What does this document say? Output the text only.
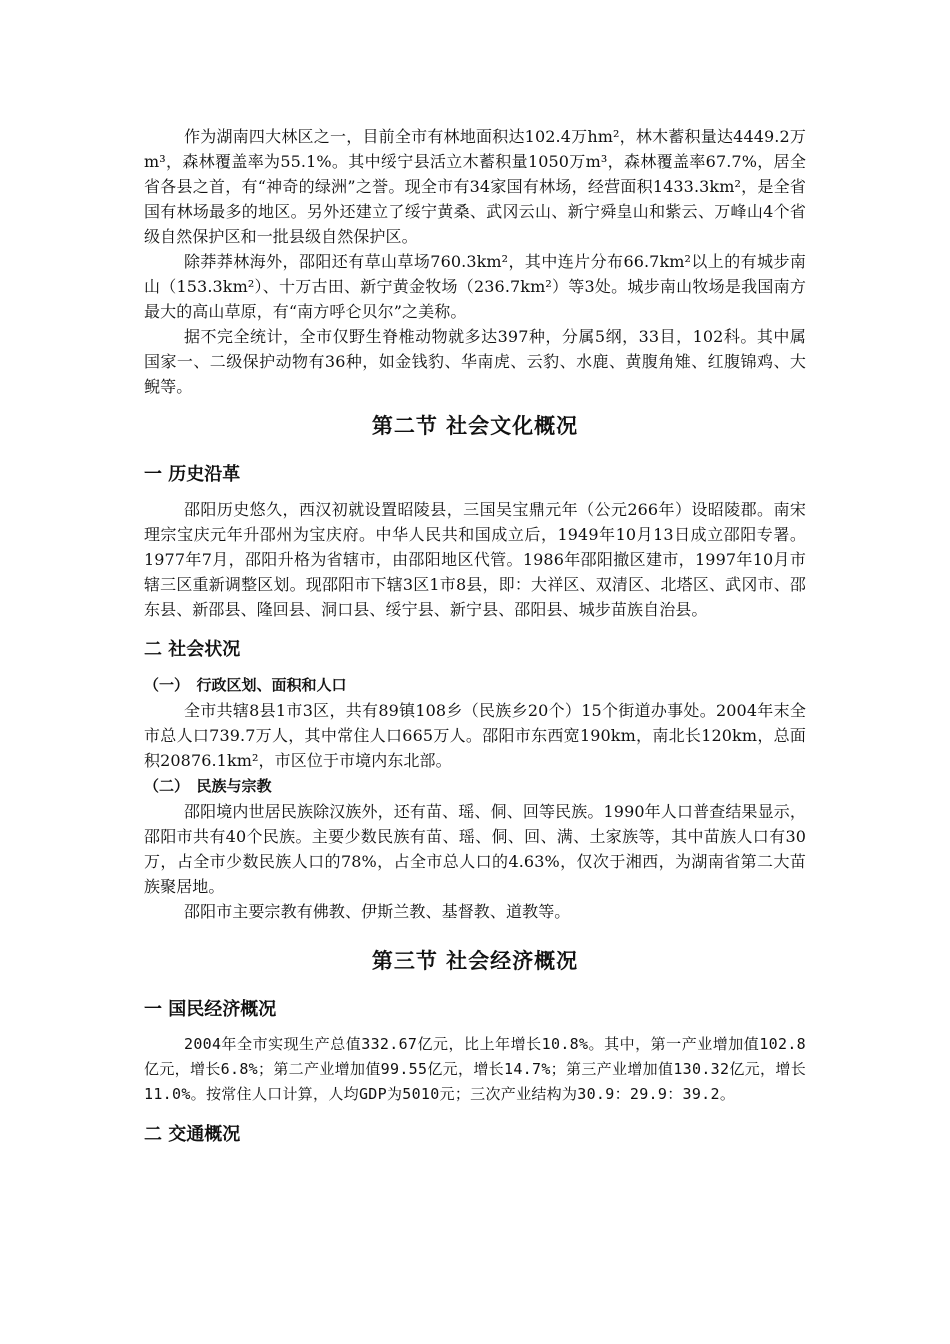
作为湖南四大林区之一，目前全市有林地面积达102.4万hm²，林木蓄积量达4449.2万m³，森林覆盖率为55.1%。其中绥宁县活立木蓄积量1050万m³，森林覆盖率67.7%，居全省各县之首，有“神奇的绿洲”之誉。现全市有34家国有林场，经营面积1433.3km²，是全省国有林场最多的地区。另外还建立了绥宁黄桑、武冈云山、新宁舜皇山和紫云、万峰山4个省级自然保护区和一批县级自然保护区。

除莽莽林海外，邵阳还有草山草场760.3km²，其中连片分布66.7km²以上的有城步南山（153.3km²）、十万古田、新宁黄金牧场（236.7km²）等3处。城步南山牧场是我国南方最大的高山草原，有“南方呼仑贝尔”之美称。

据不完全统计，全市仅野生脊椎动物就多达397种，分属5纲，33目，102科。其中属国家一、二级保护动物有36种，如金钱豹、华南虎、云豹、水鹿、黄腹角雉、红腹锦鸡、大鲵等。

第二节 社会文化概况
一 历史沿革

邵阳历史悠久，西汉初就设置昭陵县，三国吴宝鼎元年（公元266年）设昭陵郡。南宋理宗宝庆元年升邵州为宝庆府。中华人民共和国成立后，1949年10月13日成立邵阳专署。1977年7月，邵阳升格为省辖市，由邵阳地区代管。1986年邵阳撤区建市，1997年10月市辖三区重新调整区划。现邵阳市下辖3区1市8县，即：大祥区、双清区、北塔区、武冈市、邵东县、新邵县、隆回县、洞口县、绥宁县、新宁县、邵阳县、城步苗族自治县。

二 社会状况
（一）　行政区划、面积和人口

全市共辖8县1市3区，共有89镇108乡（民族乡20个）15个街道办事处。2004年末全市总人口739.7万人，其中常住人口665万人。邵阳市东西宽190km，南北长120km，总面积20876.1km²，市区位于市境内东北部。

（二）　民族与宗教

邵阳境内世居民族除汉族外，还有苗、瑶、侗、回等民族。1990年人口普查结果显示，邵阳市共有40个民族。主要少数民族有苗、瑶、侗、回、满、土家族等，其中苗族人口有30万，占全市少数民族人口的78%，占全市总人口的4.63%，仅次于湘西，为湖南省第二大苗族聚居地。

邵阳市主要宗教有佛教、伊斯兰教、基督教、道教等。

第三节 社会经济概况
一 国民经济概况

2004年全市实现生产总值332.67亿元，比上年增长10.8%。其中，第一产业增加值102.8亿元，增长6.8%；第二产业增加值99.55亿元，增长14.7%；第三产业增加值130.32亿元，增长11.0%。按常住人口计算，人均GDP为5010元；三次产业结构为30.9：29.9：39.2。

二 交通概况
